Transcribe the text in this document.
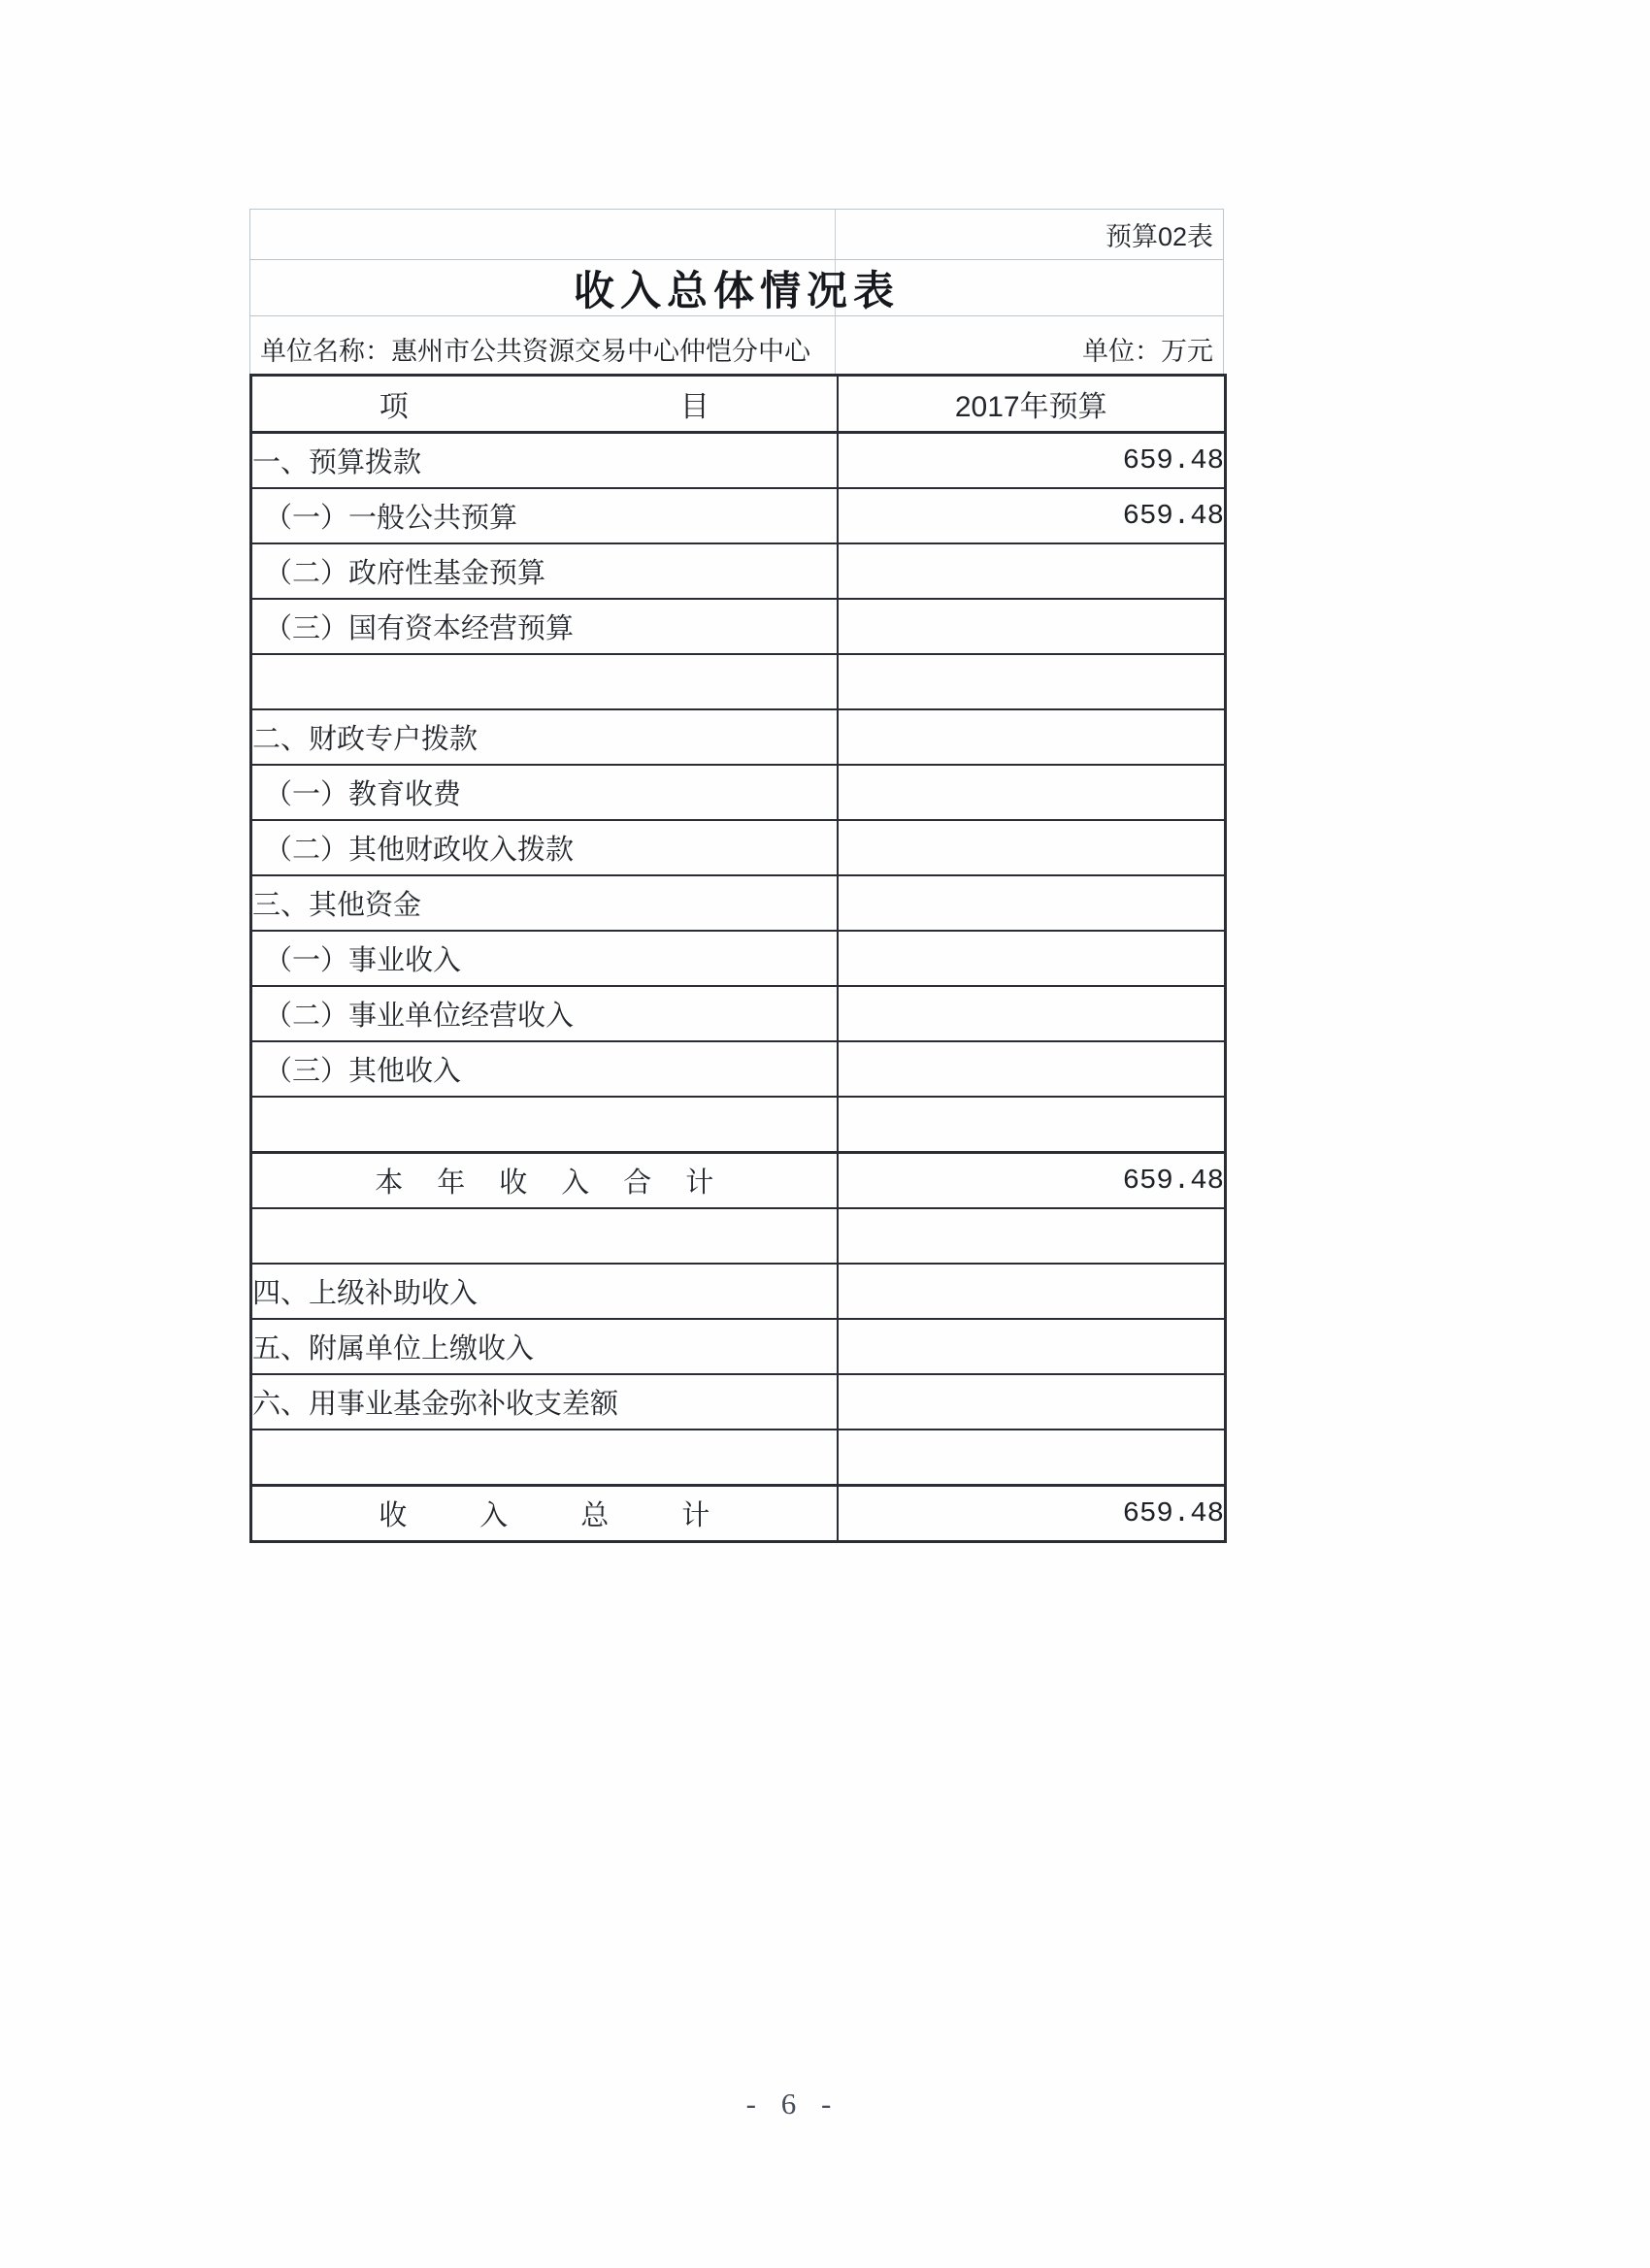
预算02表
收入总体情况表
单位名称：惠州市公共资源交易中心仲恺分中心	单位：万元
项 目	2017年预算
一、预算拨款	659.48
（一）一般公共预算	659.48
（二）政府性基金预算	
（三）国有资本经营预算	

二、财政专户拨款	
（一）教育收费	
（二）其他财政收入拨款	
三、其他资金	
（一）事业收入	
（二）事业单位经营收入	
（三）其他收入	

本年收入合计	659.48

四、上级补助收入	
五、附属单位上缴收入	
六、用事业基金弥补收支差额	

收入总计	659.48
- 6 -
